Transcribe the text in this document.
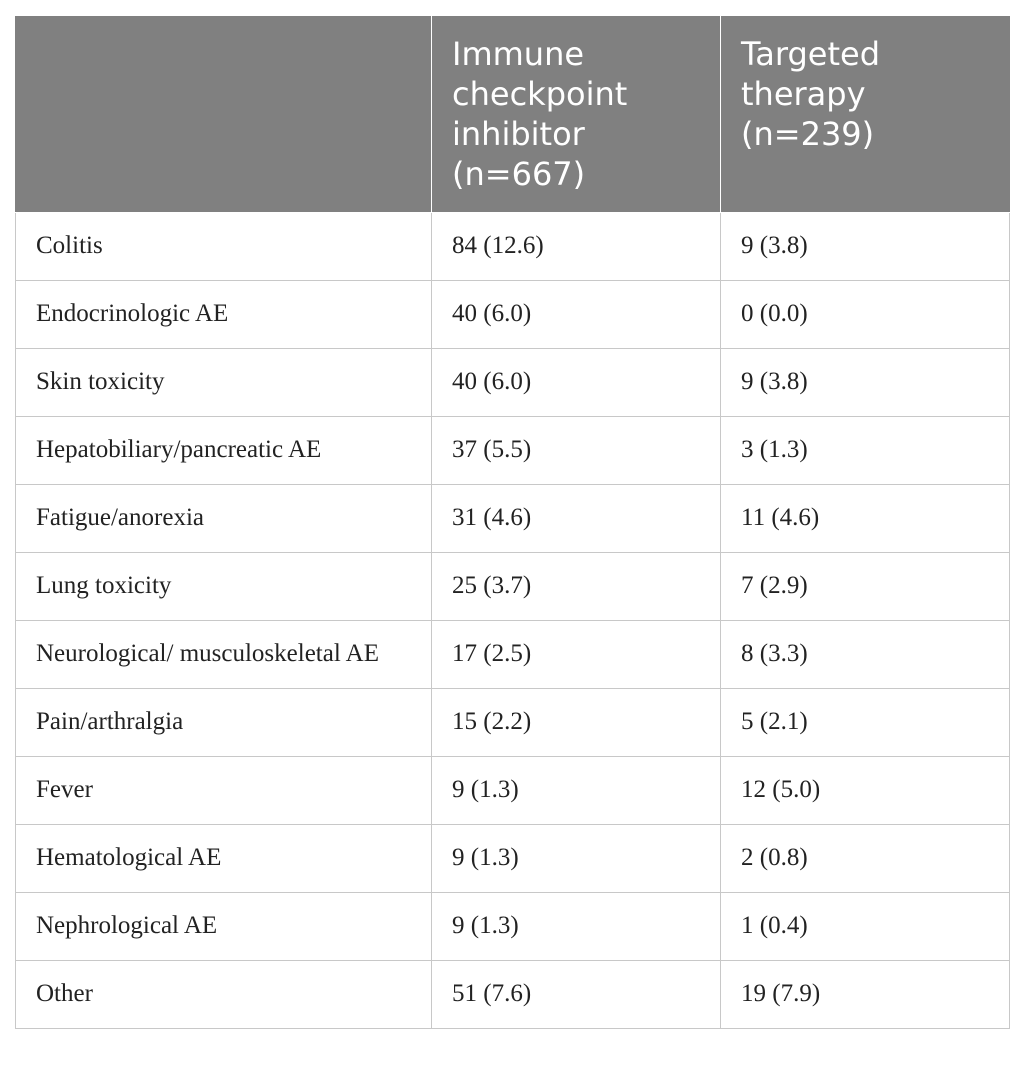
	Immune checkpoint inhibitor (n=667)	Targeted therapy (n=239)
Colitis	84 (12.6)	9 (3.8)
Endocrinologic AE	40 (6.0)	0 (0.0)
Skin toxicity	40 (6.0)	9 (3.8)
Hepatobiliary/pancreatic AE	37 (5.5)	3 (1.3)
Fatigue/anorexia	31 (4.6)	11 (4.6)
Lung toxicity	25 (3.7)	7 (2.9)
Neurological/ musculoskeletal AE	17 (2.5)	8 (3.3)
Pain/arthralgia	15 (2.2)	5 (2.1)
Fever	9 (1.3)	12 (5.0)
Hematological AE	9 (1.3)	2 (0.8)
Nephrological AE	9 (1.3)	1 (0.4)
Other	51 (7.6)	19 (7.9)
